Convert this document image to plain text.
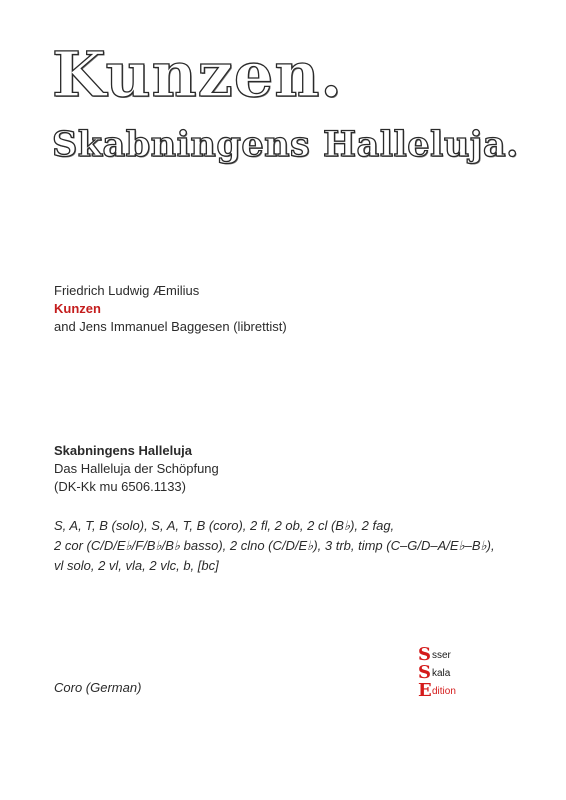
Kunzen.
Skabningens Halleluja.

Friedrich Ludwig Æmilius

Kunzen

and Jens Immanuel Baggesen (librettist)

Skabningens Halleluja

Das Halleluja der Schöpfung

(DK-Kk mu 6506.1133)

S, A, T, B (solo), S, A, T, B (coro), 2 fl, 2 ob, 2 cl (B♭), 2 fag,
2 cor (C/D/E♭/F/B♭/B♭ basso), 2 clno (C/D/E♭), 3 trb, timp (C–G/D–A/E♭–B♭),
vl solo, 2 vl, vla, 2 vlc, b, [bc]

Coro (German)

S sser
S kala
E dition
